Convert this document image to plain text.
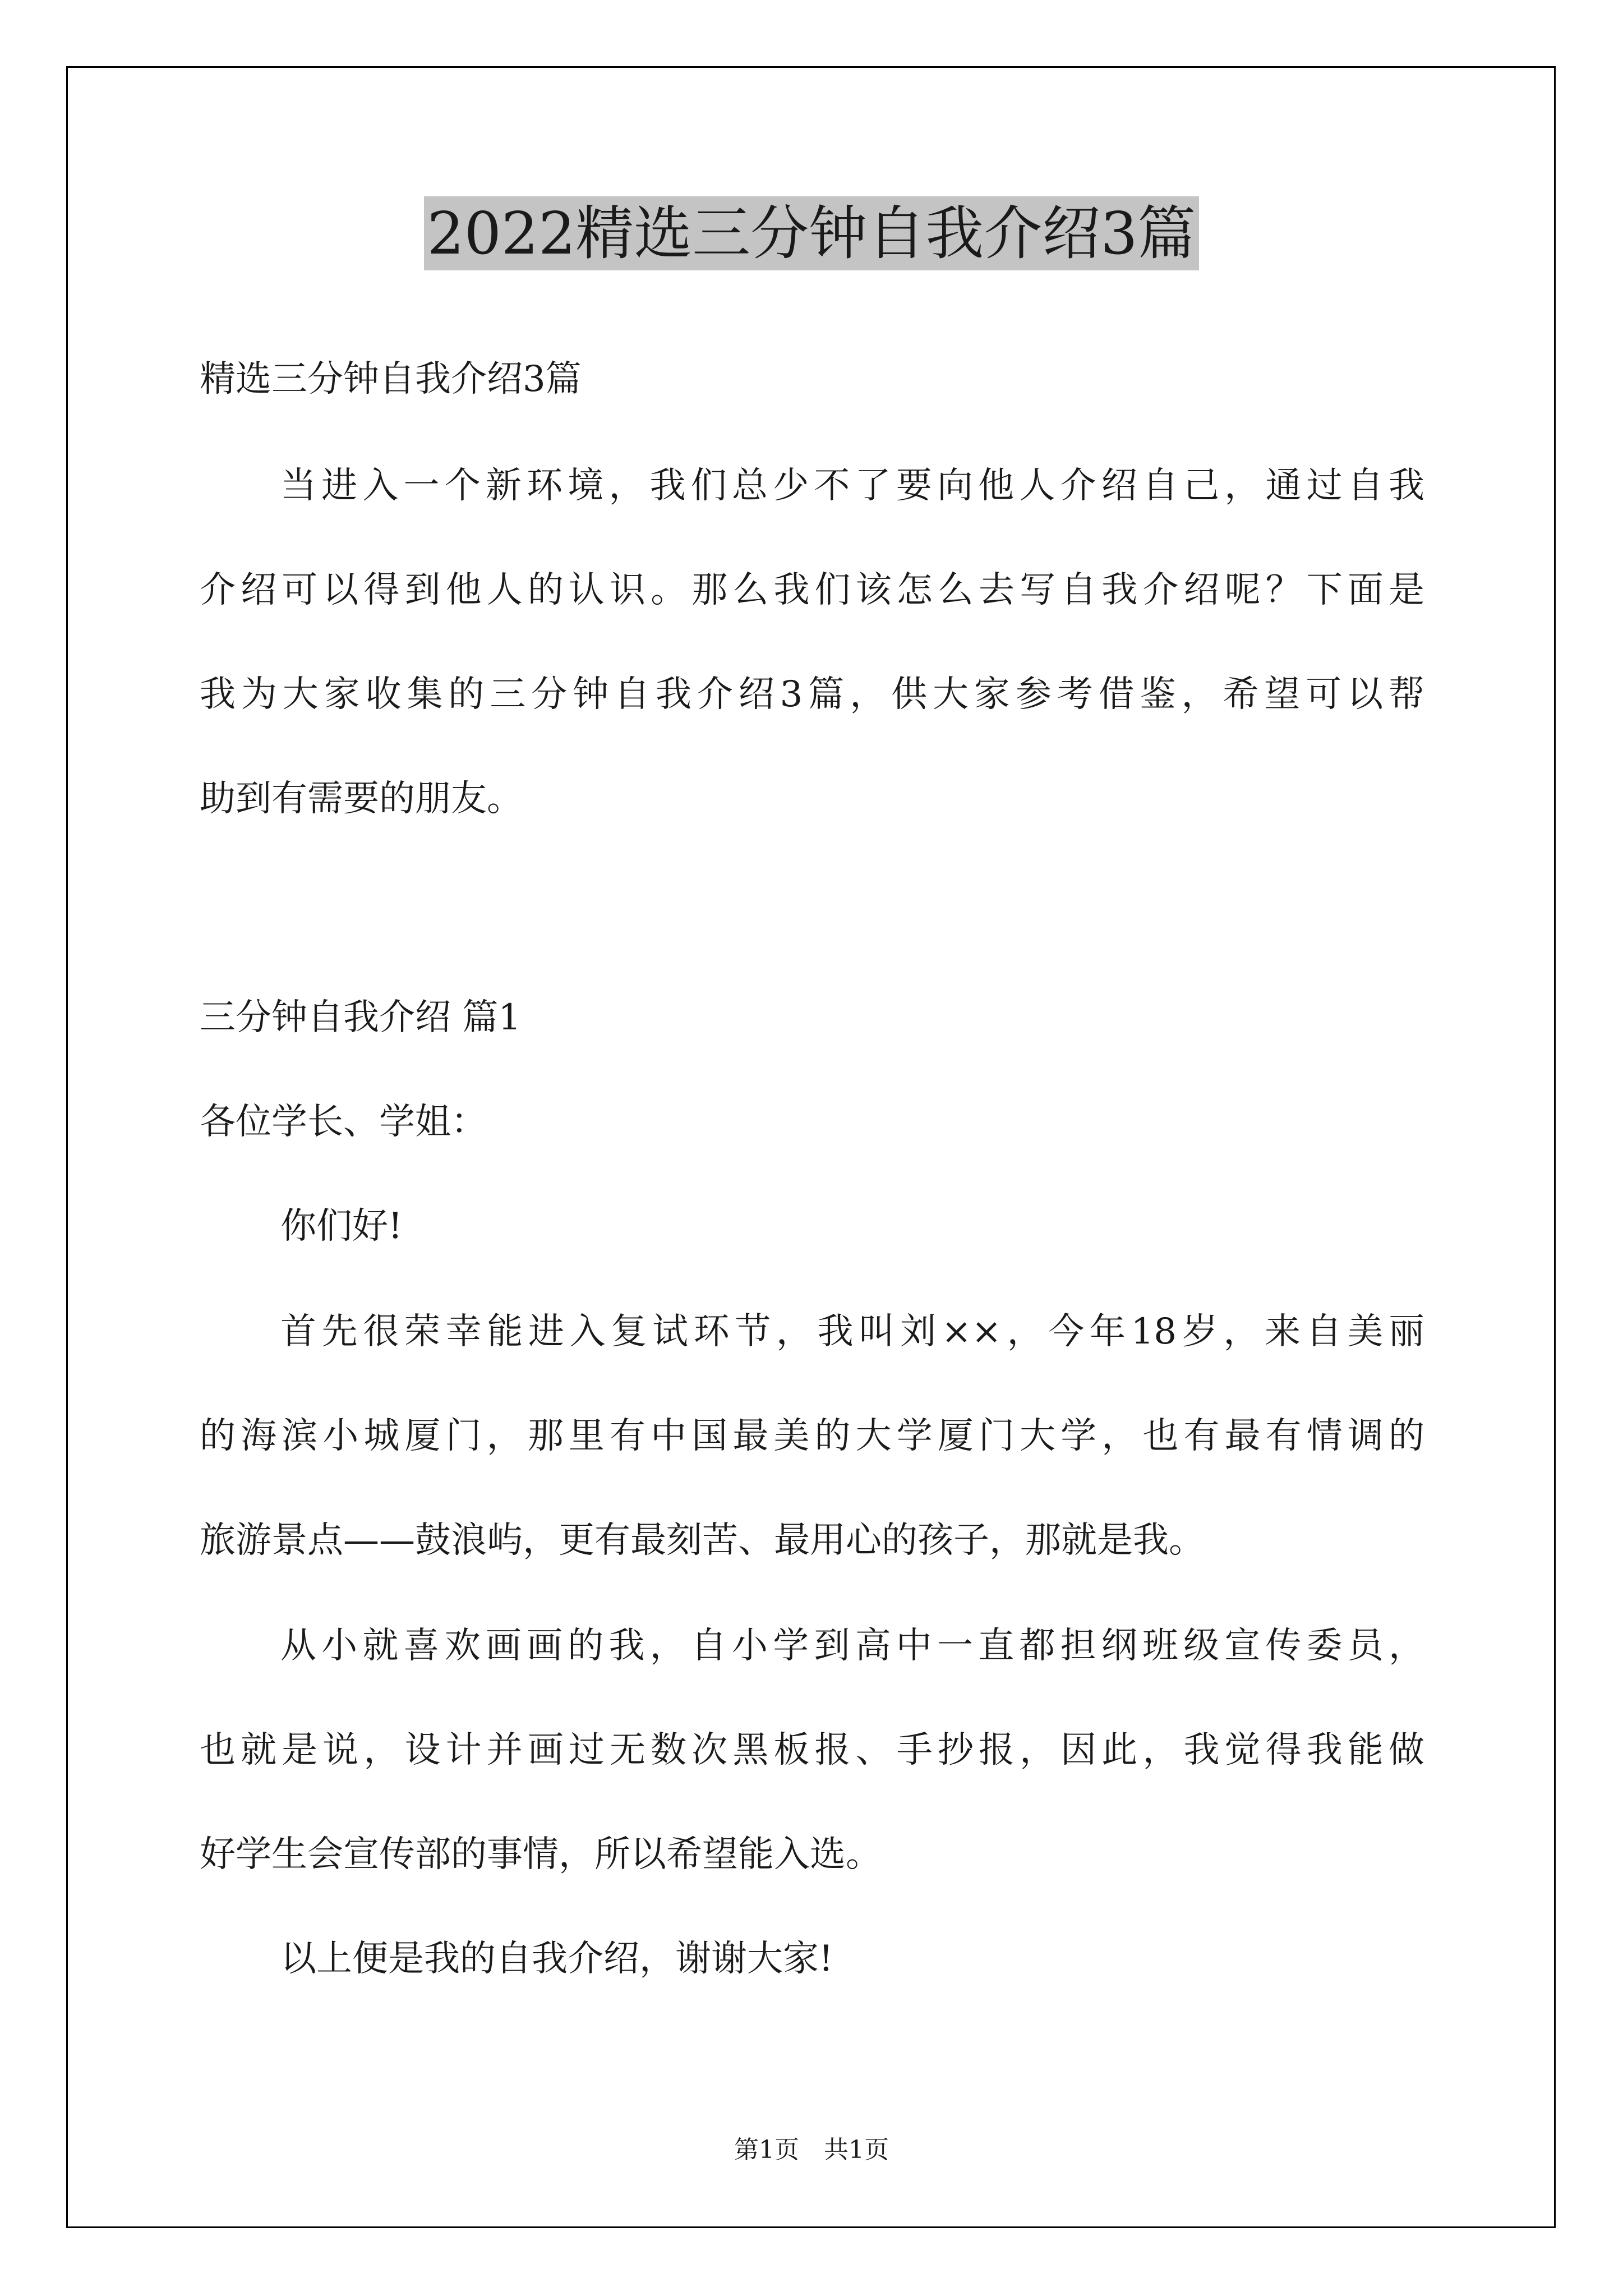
2022精选三分钟自我介绍3篇

精选三分钟自我介绍3篇

当进入一个新环境，我们总少不了要向他人介绍自己，通过自我

介绍可以得到他人的认识。那么我们该怎么去写自我介绍呢？下面是

我为大家收集的三分钟自我介绍3篇，供大家参考借鉴，希望可以帮

助到有需要的朋友。

三分钟自我介绍 篇1

各位学长、学姐：

你们好!

首先很荣幸能进入复试环节，我叫刘××，今年18岁，来自美丽

的海滨小城厦门，那里有中国最美的大学厦门大学，也有最有情调的

旅游景点——鼓浪屿，更有最刻苦、最用心的孩子，那就是我。

从小就喜欢画画的我，自小学到高中一直都担纲班级宣传委员，

也就是说，设计并画过无数次黑板报、手抄报，因此，我觉得我能做

好学生会宣传部的事情，所以希望能入选。

以上便是我的自我介绍，谢谢大家!

第1页　共1页
